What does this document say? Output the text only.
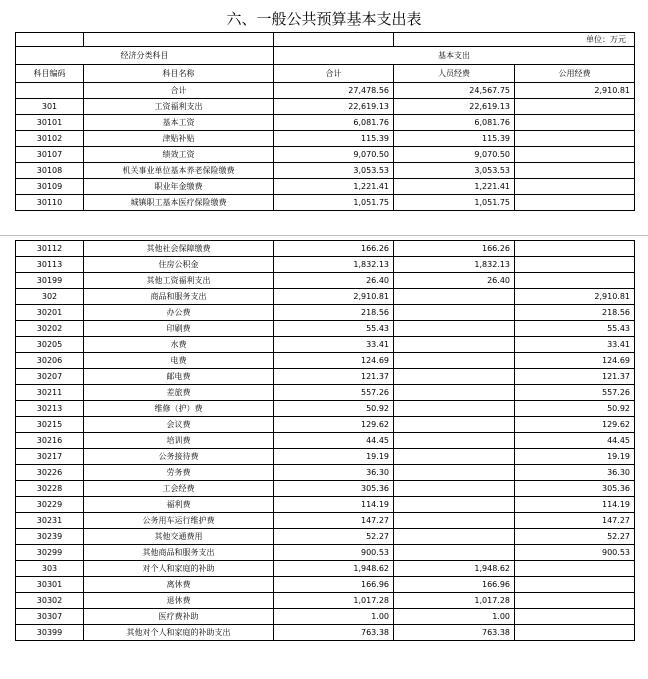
六、一般公共预算基本支出表
				单位：万元
经济分类科目		基本支出		
科目编码	科目名称	合计	人员经费	公用经费
	合计	27,478.56	24,567.75	2,910.81
301	工资福利支出	22,619.13	22,619.13	
30101	基本工资	6,081.76	6,081.76	
30102	津贴补贴	115.39	115.39	
30107	绩效工资	9,070.50	9,070.50	
30108	机关事业单位基本养老保险缴费	3,053.53	3,053.53	
30109	职业年金缴费	1,221.41	1,221.41	
30110	城镇职工基本医疗保险缴费	1,051.75	1,051.75	
30112	其他社会保障缴费	166.26	166.26	
30113	住房公积金	1,832.13	1,832.13	
30199	其他工资福利支出	26.40	26.40	
302	商品和服务支出	2,910.81		2,910.81
30201	办公费	218.56		218.56
30202	印刷费	55.43		55.43
30205	水费	33.41		33.41
30206	电费	124.69		124.69
30207	邮电费	121.37		121.37
30211	差旅费	557.26		557.26
30213	维修（护）费	50.92		50.92
30215	会议费	129.62		129.62
30216	培训费	44.45		44.45
30217	公务接待费	19.19		19.19
30226	劳务费	36.30		36.30
30228	工会经费	305.36		305.36
30229	福利费	114.19		114.19
30231	公务用车运行维护费	147.27		147.27
30239	其他交通费用	52.27		52.27
30299	其他商品和服务支出	900.53		900.53
303	对个人和家庭的补助	1,948.62	1,948.62	
30301	离休费	166.96	166.96	
30302	退休费	1,017.28	1,017.28	
30307	医疗费补助	1.00	1.00	
30399	其他对个人和家庭的补助支出	763.38	763.38	
